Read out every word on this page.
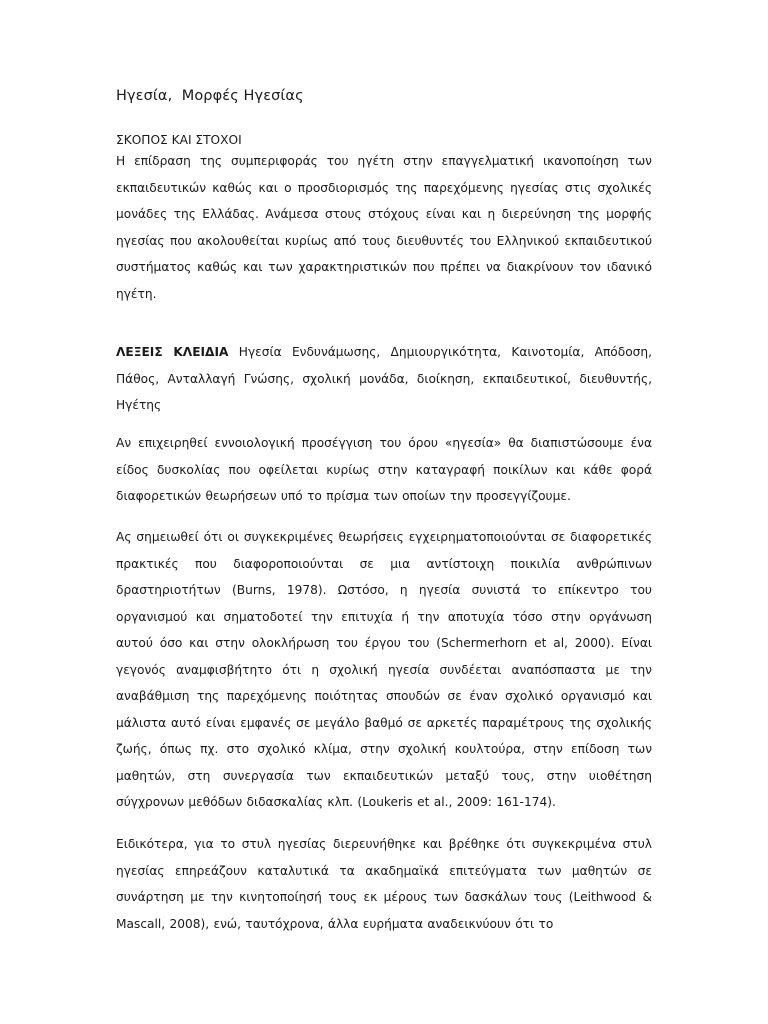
Ηγεσία,  Μορφές Ηγεσίας
ΣΚΟΠΟΣ ΚΑΙ ΣΤΟΧΟΙ

Η επίδραση της συμπεριφοράς του ηγέτη στην επαγγελματική ικανοποίηση των εκπαιδευτικών καθώς και ο προσδιορισμός της παρεχόμενης ηγεσίας στις σχολικές μονάδες της Ελλάδας. Ανάμεσα στους στόχους είναι και η διερεύνηση της μορφής ηγεσίας που ακολουθείται κυρίως από τους διευθυντές του Ελληνικού εκπαιδευτικού συστήματος καθώς και των χαρακτηριστικών που πρέπει να διακρίνουν τον ιδανικό ηγέτη.

ΛΕΞΕΙΣ ΚΛΕΙΔΙΑ Ηγεσία Ενδυνάμωσης, Δημιουργικότητα, Καινοτομία, Απόδοση, Πάθος, Ανταλλαγή Γνώσης, σχολική μονάδα, διοίκηση, εκπαιδευτικοί, διευθυντής, Ηγέτης

Αν επιχειρηθεί εννοιολογική προσέγγιση του όρου «ηγεσία» θα διαπιστώσουμε ένα είδος δυσκολίας που οφείλεται κυρίως στην καταγραφή ποικίλων και κάθε φορά διαφορετικών θεωρήσεων υπό το πρίσμα των οποίων την προσεγγίζουμε.

Ας σημειωθεί ότι οι συγκεκριμένες θεωρήσεις εγχειρηματοποιούνται σε διαφορετικές πρακτικές που διαφοροποιούνται σε μια αντίστοιχη ποικιλία ανθρώπινων δραστηριοτήτων (Burns, 1978). Ωστόσο, η ηγεσία συνιστά το επίκεντρο του οργανισμού και σηματοδοτεί την επιτυχία ή την αποτυχία τόσο στην οργάνωση αυτού όσο και στην ολοκλήρωση του έργου του (Schermerhorn et al, 2000). Είναι γεγονός αναμφισβήτητο ότι η σχολική ηγεσία συνδέεται αναπόσπαστα με την αναβάθμιση της παρεχόμενης ποιότητας σπουδών σε έναν σχολικό οργανισμό και μάλιστα αυτό είναι εμφανές σε μεγάλο βαθμό σε αρκετές παραμέτρους της σχολικής ζωής, όπως πχ. στο σχολικό κλίμα, στην σχολική κουλτούρα, στην επίδοση των μαθητών, στη συνεργασία των εκπαιδευτικών μεταξύ τους, στην υιοθέτηση σύγχρονων μεθόδων διδασκαλίας κλπ. (Loukeris et al., 2009: 161-174).

Ειδικότερα, για το στυλ ηγεσίας διερευνήθηκε και βρέθηκε ότι συγκεκριμένα στυλ ηγεσίας επηρεάζουν καταλυτικά τα ακαδημαϊκά επιτεύγματα των μαθητών σε συνάρτηση με την κινητοποίησή τους εκ μέρους των δασκάλων τους (Leithwood & Mascall, 2008), ενώ, ταυτόχρονα, άλλα ευρήματα αναδεικνύουν ότι το
